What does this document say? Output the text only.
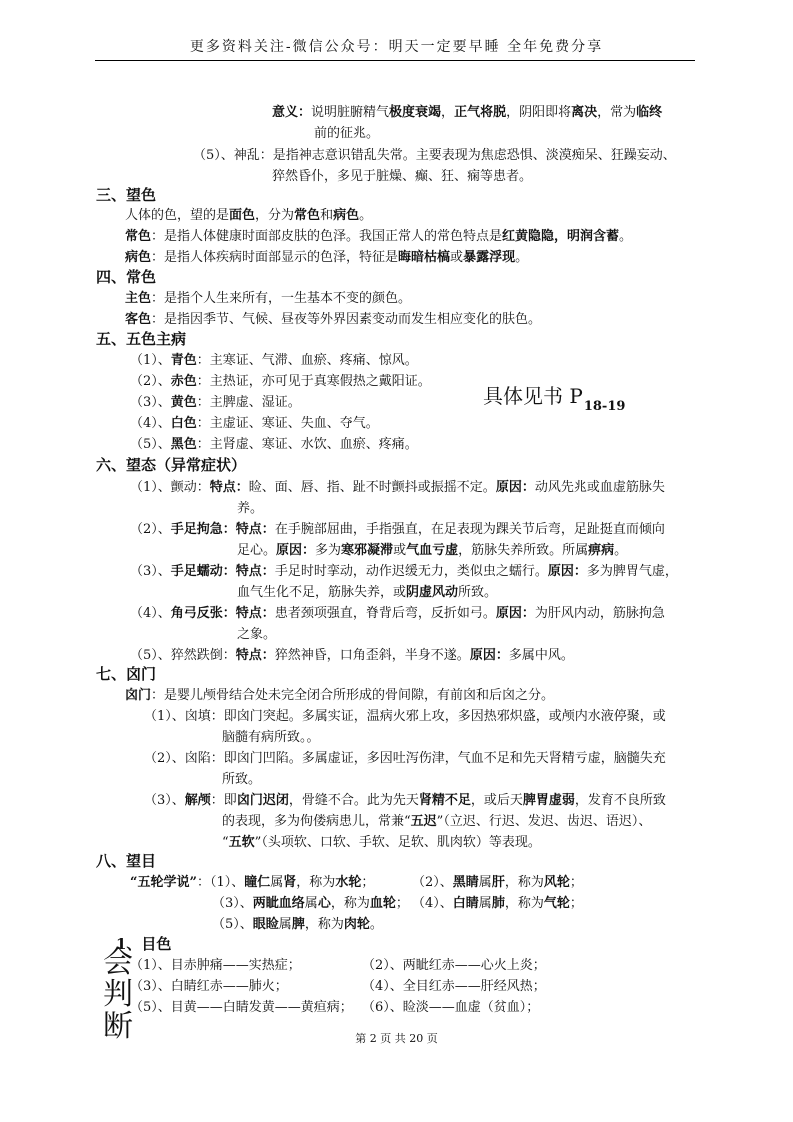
更多资料关注-微信公众号：明天一定要早睡 全年免费分享
意义：说明脏腑精气极度衰竭，正气将脱，阴阳即将离决，常为临终
前的征兆。
（5）、神乱：是指神志意识错乱失常。主要表现为焦虑恐惧、淡漠痴呆、狂躁妄动、
猝然昏仆，多见于脏燥、癫、狂、痫等患者。
三、望色
人体的色，望的是面色，分为常色和病色。
常色：是指人体健康时面部皮肤的色泽。我国正常人的常色特点是红黄隐隐，明润含蓄。
病色：是指人体疾病时面部显示的色泽，特征是晦暗枯槁或暴露浮现。
四、常色
主色：是指个人生来所有，一生基本不变的颜色。
客色：是指因季节、气候、昼夜等外界因素变动而发生相应变化的肤色。
五、五色主病
（1）、青色：主寒证、气滞、血瘀、疼痛、惊风。
（2）、赤色：主热证，亦可见于真寒假热之戴阳证。
（3）、黄色：主脾虚、湿证。
（4）、白色：主虚证、寒证、失血、夺气。
（5）、黑色：主肾虚、寒证、水饮、血瘀、疼痛。
具体见书 $P_{18-19}$
六、望态（异常症状）
（1）、颤动：特点：睑、面、唇、指、趾不时颤抖或振摇不定。原因：动风先兆或血虚筋脉失
养。
（2）、手足拘急：特点：在手腕部屈曲，手指强直，在足表现为踝关节后弯，足趾挺直而倾向
足心。原因：多为寒邪凝滞或气血亏虚，筋脉失养所致。所属痹病。
（3）、手足蠕动：特点：手足时时挛动，动作迟缓无力，类似虫之蠕行。原因：多为脾胃气虚，
血气生化不足，筋脉失养，或阴虚风动所致。
（4）、角弓反张：特点：患者颈项强直，脊背后弯，反折如弓。原因：为肝风内动，筋脉拘急
之象。
（5）、猝然跌倒：特点：猝然神昏，口角歪斜，半身不遂。原因：多属中风。
七、囟门
囟门：是婴儿颅骨结合处未完全闭合所形成的骨间隙，有前囟和后囟之分。
（1）、囟填：即囟门突起。多属实证，温病火邪上攻，多因热邪炽盛，或颅内水液停聚，或
脑髓有病所致。。
（2）、囟陷：即囟门凹陷。多属虚证，多因吐泻伤津，气血不足和先天肾精亏虚，脑髓失充
所致。
（3）、解颅：即囟门迟闭，骨缝不合。此为先天肾精不足，或后天脾胃虚弱，发育不良所致
的表现，多为佝偻病患儿，常兼“五迟”（立迟、行迟、发迟、齿迟、语迟）、
“五软”（头项软、口软、手软、足软、肌肉软）等表现。
八、望目
“五轮学说”：（1）、瞳仁属肾，称为水轮；	（2）、黑睛属肝，称为风轮；
（3）、两眦血络属心，称为血轮； （4）、白睛属肺，称为气轮；
（5）、眼睑属脾，称为肉轮。
1、目色
（1）、目赤肿痛——实热症；	（2）、两眦红赤——心火上炎；
（3）、白睛红赤——肺火；	（4）、全目红赤——肝经风热；
（5）、目黄——白睛发黄——黄疸病； （6）、睑淡——血虚（贫血）；
会
判
断	第 2 页 共 20 页
